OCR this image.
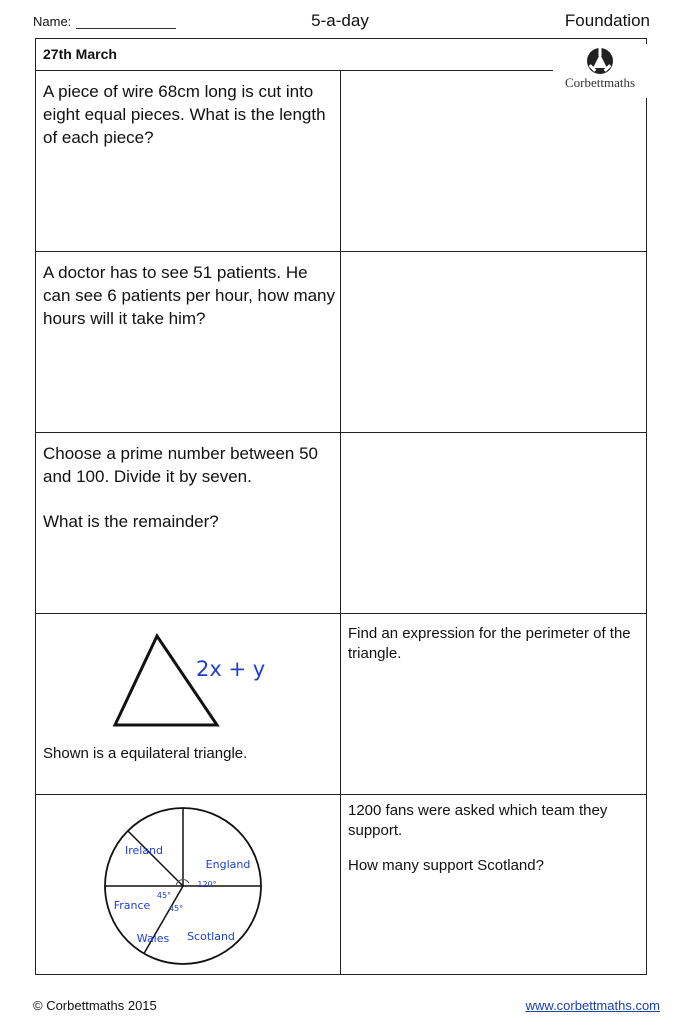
Name:	5-a-day	Foundation
27th March
Corbettmaths
A piece of wire 68cm long is cut into eight equal pieces. What is the length of each piece?
A doctor has to see 51 patients. He can see 6 patients per hour, how many hours will it take him?
Choose a prime number between 50 and 100. Divide it by seven.
What is the remainder?
2x + y
Shown is a equilateral triangle.
Find an expression for the perimeter of the triangle.
Ireland
England
Scotland
Wales
France
120°
45°
45°
1200 fans were asked which team they support.
How many support Scotland?
© Corbettmaths 2015	www.corbettmaths.com
